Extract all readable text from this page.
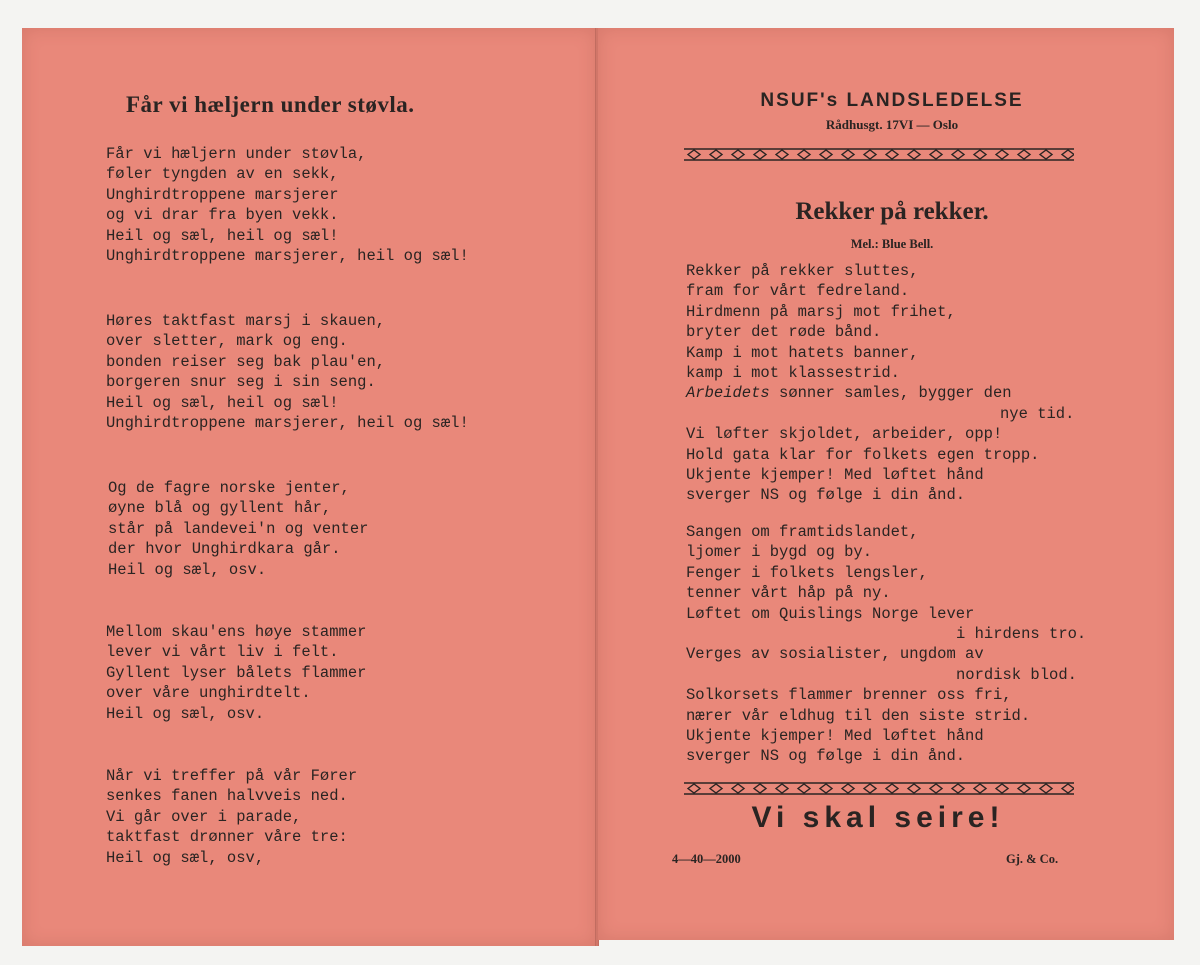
Får vi hæljern under støvla.
Får vi hæljern under støvla,
føler tyngden av en sekk,
Unghirdtroppene marsjerer
og vi drar fra byen vekk.
Heil og sæl, heil og sæl!
Unghirdtroppene marsjerer, heil og sæl!
Høres taktfast marsj i skauen,
over sletter, mark og eng.
bonden reiser seg bak plau'en,
borgeren snur seg i sin seng.
Heil og sæl, heil og sæl!
Unghirdtroppene marsjerer, heil og sæl!
Og de fagre norske jenter,
øyne blå og gyllent hår,
står på landevei'n og venter
der hvor Unghirdkara går.
Heil og sæl, osv.
Mellom skau'ens høye stammer
lever vi vårt liv i felt.
Gyllent lyser bålets flammer
over våre unghirdtelt.
Heil og sæl, osv.
Når vi treffer på vår Fører
senkes fanen halvveis ned.
Vi går over i parade,
taktfast drønner våre tre:
Heil og sæl, osv,
NSUF's LANDSLEDELSE
Rådhusgt. 17VI — Oslo
Rekker på rekker.
Mel.: Blue Bell.
Rekker på rekker sluttes,
fram for vårt fedreland.
Hirdmenn på marsj mot frihet,
bryter det røde bånd.
Kamp i mot hatets banner,
kamp i mot klassestrid.
Arbeidets sønner samles, bygger den
nye tid.
Vi løfter skjoldet, arbeider, opp!
Hold gata klar for folkets egen tropp.
Ukjente kjemper! Med løftet hånd
sverger NS og følge i din ånd.
Sangen om framtidslandet,
ljomer i bygd og by.
Fenger i folkets lengsler,
tenner vårt håp på ny.
Løftet om Quislings Norge lever
i hirdens tro.
Verges av sosialister, ungdom av
nordisk blod.
Solkorsets flammer brenner oss fri,
nærer vår eldhug til den siste strid.
Ukjente kjemper! Med løftet hånd
sverger NS og følge i din ånd.
Vi skal seire!
4—40—2000	Gj. & Co.
